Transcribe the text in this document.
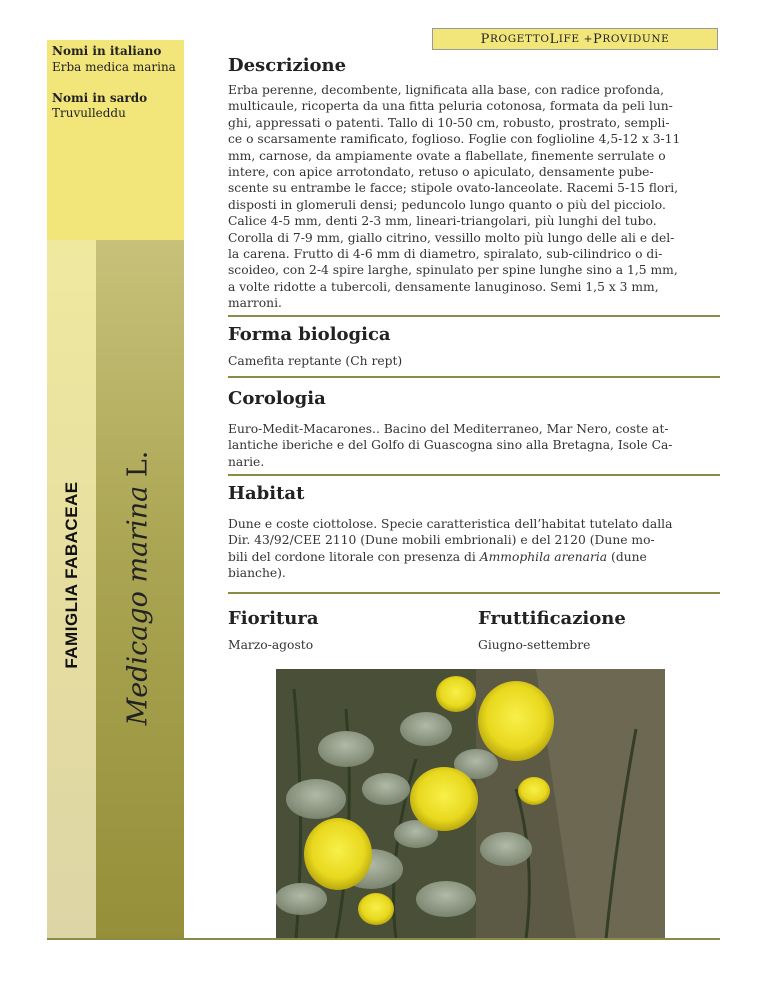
Nomi in italiano
Erba medica marina
Nomi in sardo
Truvulleddu
FAMIGLIA FABACEAE Medicago marina L.
P ROGETTO L IFE + P ROVIDUNE
Descrizione

Erba perenne, decombente, lignificata alla base, con radice profonda,

multicaule, ricoperta da una fitta peluria cotonosa, formata da peli lun-

ghi, appressati o patenti. Tallo di 10-50 cm, robusto, prostrato, sempli-

ce o scarsamente ramificato, foglioso. Foglie con foglioline 4,5-12 x 3-11

mm, carnose, da ampiamente ovate a flabellate, finemente serrulate o

intere, con apice arrotondato, retuso o apiculato, densamente pube-

scente su entrambe le facce; stipole ovato-lanceolate. Racemi 5-15 flori,

disposti in glomeruli densi; peduncolo lungo quanto o più del picciolo.

Calice 4-5 mm, denti 2-3 mm, lineari-triangolari, più lunghi del tubo.

Corolla di 7-9 mm, giallo citrino, vessillo molto più lungo delle ali e del-

la carena. Frutto di 4-6 mm di diametro, spiralato, sub-cilindrico o di-

scoideo, con 2-4 spire larghe, spinulato per spine lunghe sino a 1,5 mm,

a volte ridotte a tubercoli, densamente lanuginoso. Semi 1,5 x 3 mm,

marroni.

Forma biologica

Camefita reptante (Ch rept)

Corologia

Euro-Medit-Macarones.. Bacino del Mediterraneo, Mar Nero, coste at-

lantiche iberiche e del Golfo di Guascogna sino alla Bretagna, Isole Ca-

narie.

Habitat

Dune e coste ciottolose. Specie caratteristica dell’habitat tutelato dalla

Dir. 43/92/CEE 2110 (Dune mobili embrionali) e del 2120 (Dune mo-

bili del cordone litorale con presenza di Ammophila arenaria (dune

bianche).

Fioritura

Marzo-agosto

Fruttificazione

Giugno-settembre
